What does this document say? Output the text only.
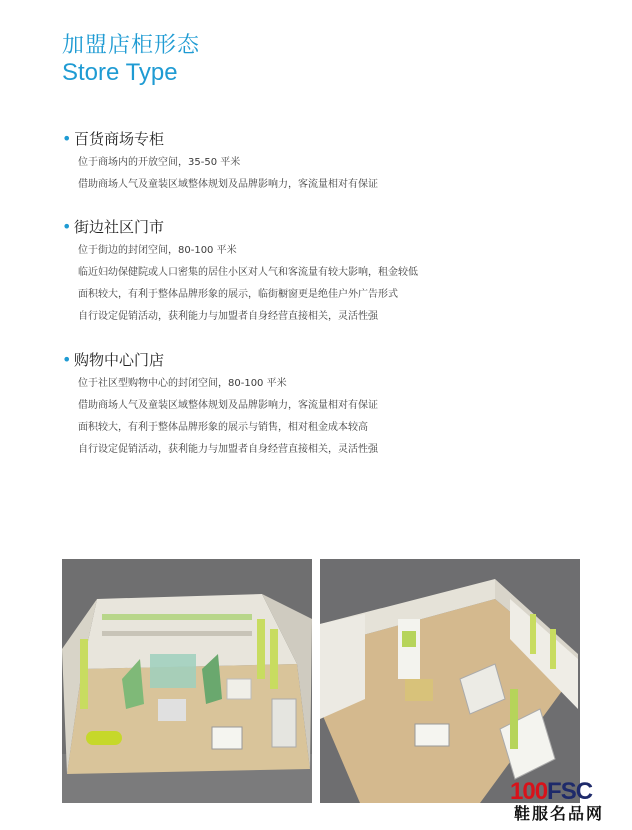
加盟店柜形态
Store Type
• 百货商场专柜
位于商场内的开放空间，35-50 平米
借助商场人气及童装区域整体规划及品牌影响力，客流量相对有保证
• 街边社区门市
位于街边的封闭空间，80-100 平米
临近妇幼保健院或人口密集的居住小区对人气和客流量有较大影响，租金较低
面积较大，有利于整体品牌形象的展示，临街橱窗更是绝佳户外广告形式
自行设定促销活动，获利能力与加盟者自身经营直接相关，灵活性强
• 购物中心门店
位于社区型购物中心的封闭空间，80-100 平米
借助商场人气及童装区域整体规划及品牌影响力，客流量相对有保证
面积较大，有利于整体品牌形象的展示与销售，相对租金成本较高
自行设定促销活动，获利能力与加盟者自身经营直接相关，灵活性强
100FSC
鞋服名品网
